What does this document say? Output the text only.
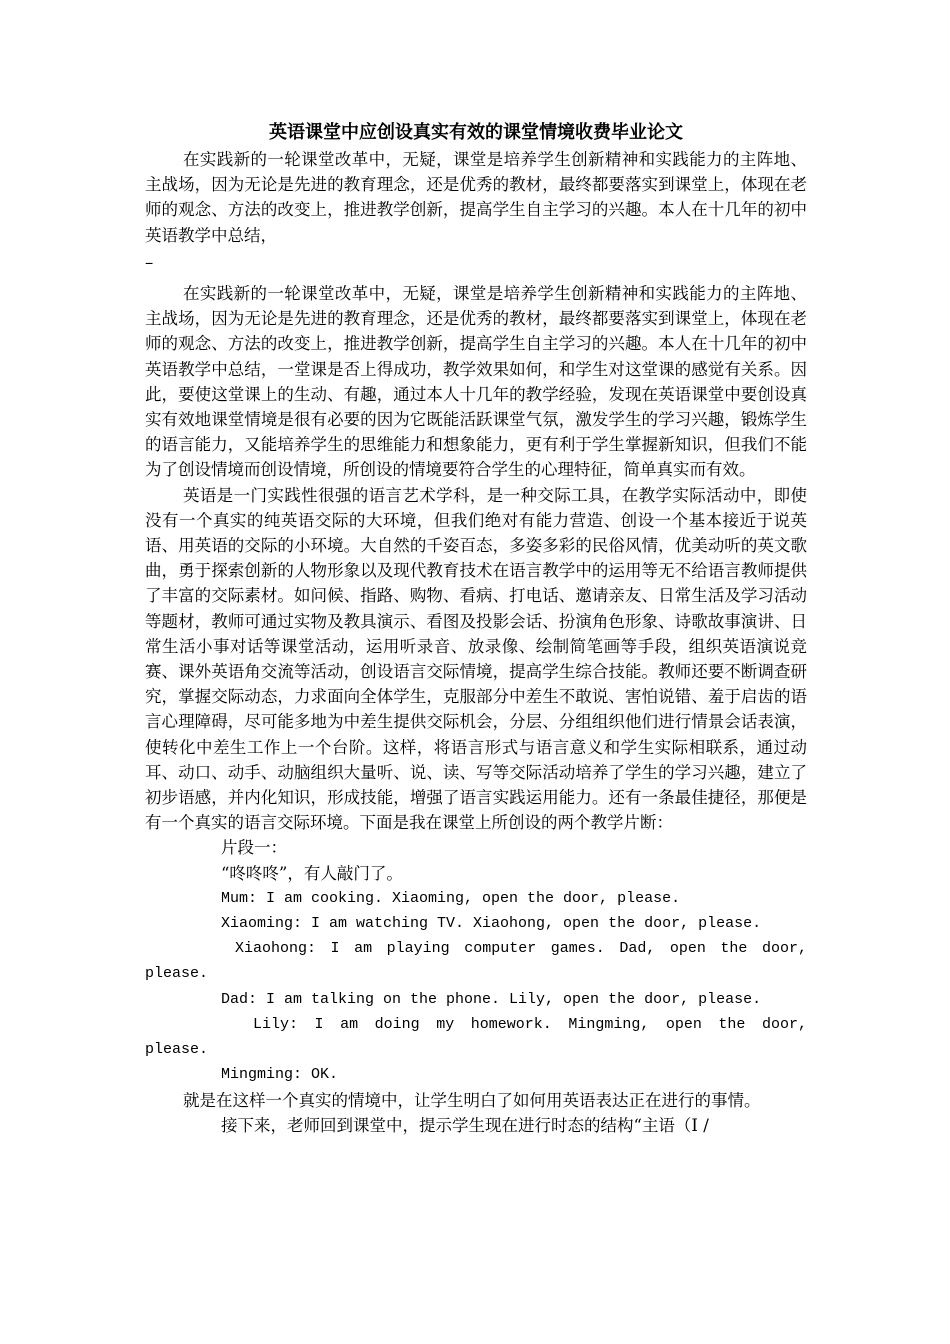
英语课堂中应创设真实有效的课堂情境收费毕业论文

在实践新的一轮课堂改革中，无疑，课堂是培养学生创新精神和实践能力的主阵地、主战场，因为无论是先进的教育理念，还是优秀的教材，最终都要落实到课堂上，体现在老师的观念、方法的改变上，推进教学创新，提高学生自主学习的兴趣。本人在十几年的初中英语教学中总结，

–

在实践新的一轮课堂改革中，无疑，课堂是培养学生创新精神和实践能力的主阵地、主战场，因为无论是先进的教育理念，还是优秀的教材，最终都要落实到课堂上，体现在老师的观念、方法的改变上，推进教学创新，提高学生自主学习的兴趣。本人在十几年的初中英语教学中总结，一堂课是否上得成功，教学效果如何，和学生对这堂课的感觉有关系。因此，要使这堂课上的生动、有趣，通过本人十几年的教学经验，发现在英语课堂中要创设真实有效地课堂情境是很有必要的因为它既能活跃课堂气氛，激发学生的学习兴趣，锻炼学生的语言能力，又能培养学生的思维能力和想象能力，更有利于学生掌握新知识，但我们不能为了创设情境而创设情境，所创设的情境要符合学生的心理特征，简单真实而有效。

英语是一门实践性很强的语言艺术学科，是一种交际工具，在教学实际活动中，即使没有一个真实的纯英语交际的大环境，但我们绝对有能力营造、创设一个基本接近于说英语、用英语的交际的小环境。大自然的千姿百态，多姿多彩的民俗风情，优美动听的英文歌曲，勇于探索创新的人物形象以及现代教育技术在语言教学中的运用等无不给语言教师提供了丰富的交际素材。如问候、指路、购物、看病、打电话、邀请亲友、日常生活及学习活动等题材，教师可通过实物及教具演示、看图及投影会话、扮演角色形象、诗歌故事演讲、日常生活小事对话等课堂活动，运用听录音、放录像、绘制简笔画等手段，组织英语演说竞赛、课外英语角交流等活动，创设语言交际情境，提高学生综合技能。教师还要不断调查研究，掌握交际动态，力求面向全体学生，克服部分中差生不敢说、害怕说错、羞于启齿的语言心理障碍，尽可能多地为中差生提供交际机会，分层、分组组织他们进行情景会话表演，使转化中差生工作上一个台阶。这样，将语言形式与语言意义和学生实际相联系，通过动耳、动口、动手、动脑组织大量听、说、读、写等交际活动培养了学生的学习兴趣，建立了初步语感，并内化知识，形成技能，增强了语言实践运用能力。还有一条最佳捷径，那便是有一个真实的语言交际环境。下面是我在课堂上所创设的两个教学片断：

片段一：

“咚咚咚”，有人敲门了。

Mum: I am cooking. Xiaoming, open the door, please.

Xiaoming: I am watching TV. Xiaohong, open the door, please.

Xiaohong: I am playing computer games. Dad, open the door, please.

Dad: I am talking on the phone. Lily, open the door, please.

Lily: I am doing my homework. Mingming, open the door, please.

Mingming: OK.

就是在这样一个真实的情境中，让学生明白了如何用英语表达正在进行的事情。

接下来，老师回到课堂中，提示学生现在进行时态的结构“主语（I /
